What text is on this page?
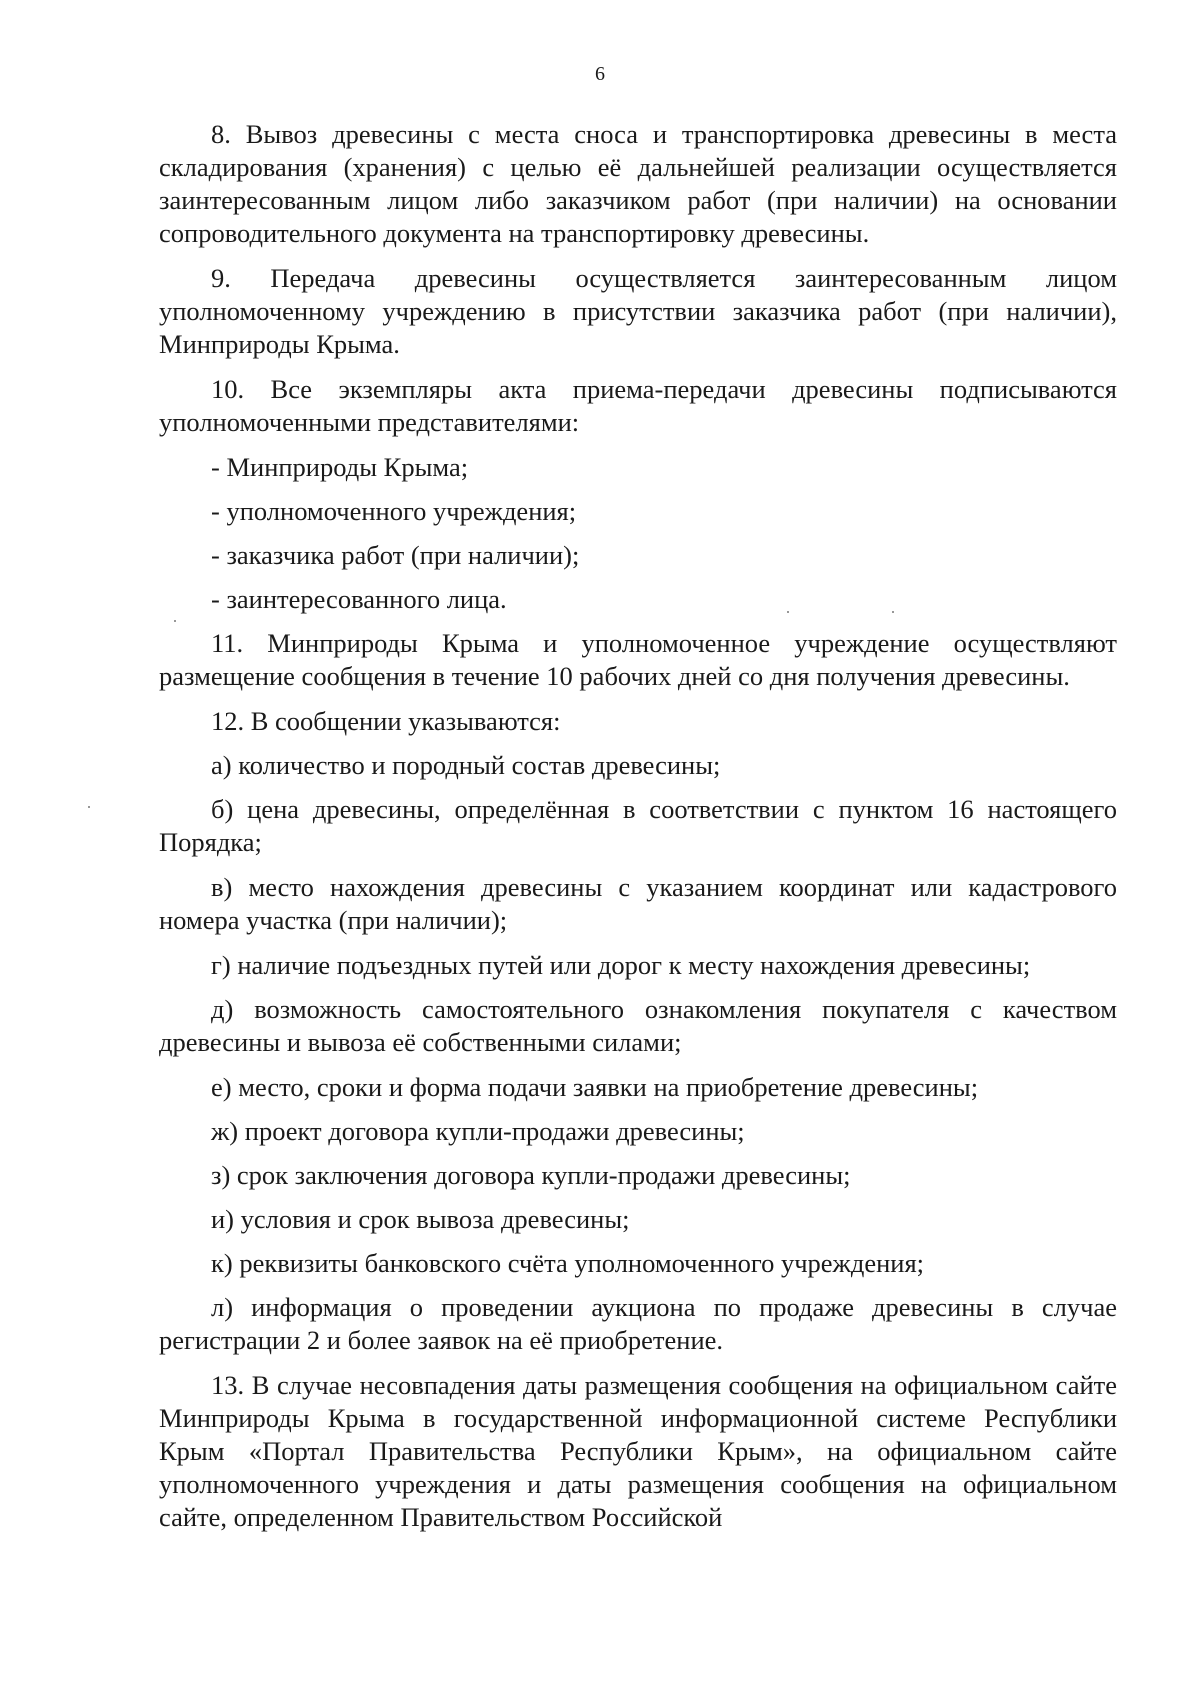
6

8. Вывоз древесины с места сноса и транспортировка древесины в места складирования (хранения) с целью её дальнейшей реализации осуществляется заинтересованным лицом либо заказчиком работ (при наличии) на основании сопроводительного документа на транспортировку древесины.

9. Передача древесины осуществляется заинтересованным лицом уполномоченному учреждению в присутствии заказчика работ (при наличии), Минприроды Крыма.

10. Все экземпляры акта приема-передачи древесины подписываются уполномоченными представителями:

- Минприроды Крыма;

- уполномоченного учреждения;

- заказчика работ (при наличии);

- заинтересованного лица.

11. Минприроды Крыма и уполномоченное учреждение осуществляют размещение сообщения в течение 10 рабочих дней со дня получения древесины.

12. В сообщении указываются:

а) количество и породный состав древесины;

б) цена древесины, определённая в соответствии с пунктом 16 настоящего Порядка;

в) место нахождения древесины с указанием координат или кадастрового номера участка (при наличии);

г) наличие подъездных путей или дорог к месту нахождения древесины;

д) возможность самостоятельного ознакомления покупателя с качеством древесины и вывоза её собственными силами;

е) место, сроки и форма подачи заявки на приобретение древесины;

ж) проект договора купли-продажи древесины;

з) срок заключения договора купли-продажи древесины;

и) условия и срок вывоза древесины;

к) реквизиты банковского счёта уполномоченного учреждения;

л) информация о проведении аукциона по продаже древесины в случае регистрации 2 и более заявок на её приобретение.

13. В случае несовпадения даты размещения сообщения на официальном сайте Минприроды Крыма в государственной информационной системе Республики Крым «Портал Правительства Республики Крым», на официальном сайте уполномоченного учреждения и даты размещения сообщения на официальном сайте, определенном Правительством Российской
